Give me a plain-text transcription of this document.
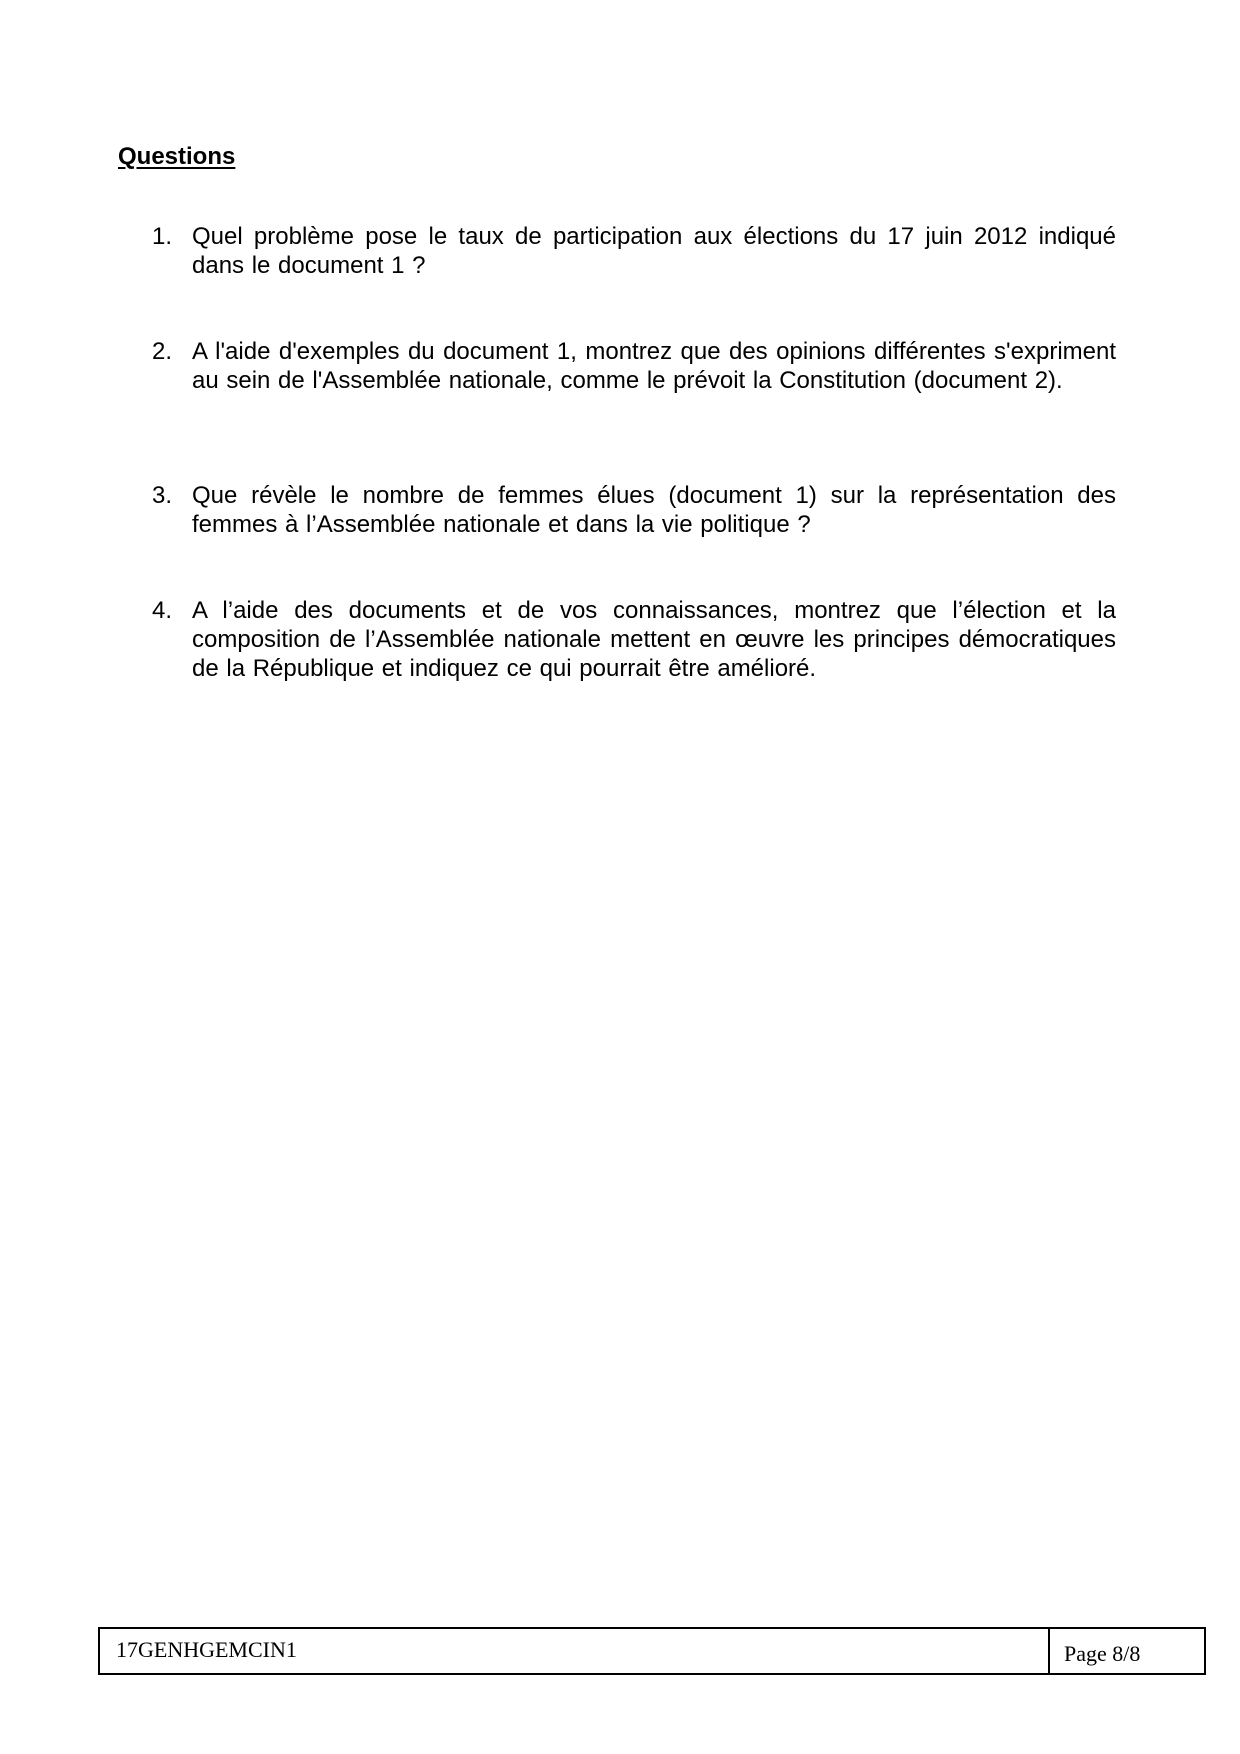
Questions
1. Quel problème pose le taux de participation aux élections du 17 juin 2012 indiqué dans le document 1 ?
2. A l'aide d'exemples du document 1, montrez que des opinions différentes s'expriment au sein de l'Assemblée nationale, comme le prévoit la Constitution (document 2).
3. Que révèle le nombre de femmes élues (document 1) sur la représentation des femmes à l’Assemblée nationale et dans la vie politique ?
4. A l’aide des documents et de vos connaissances, montrez que l’élection et la composition de l’Assemblée nationale mettent en œuvre les principes démocratiques de la République et indiquez ce qui pourrait être amélioré.
17GENHGEMCIN1	Page 8/8
